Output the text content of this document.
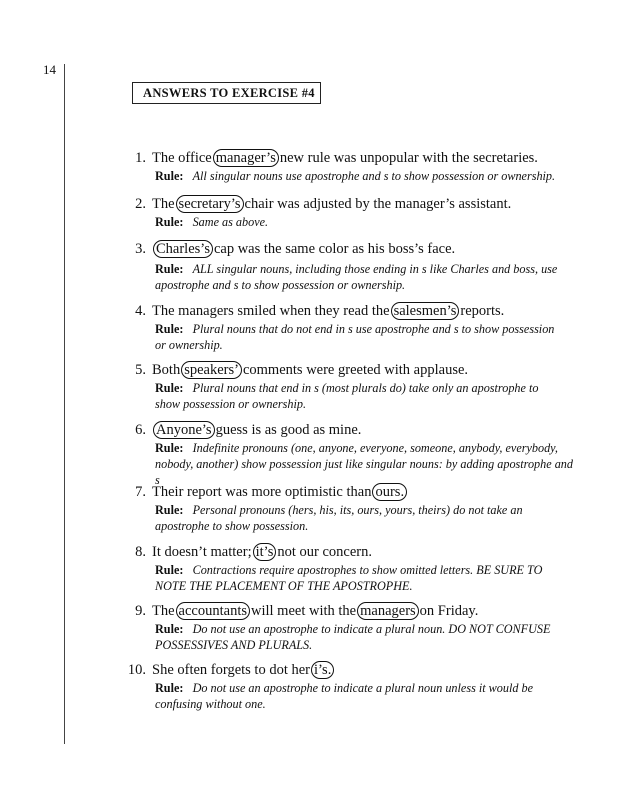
14
ANSWERS TO EXERCISE #4
1. The office manager’s new rule was unpopular with the secretaries.
Rule: All singular nouns use apostrophe and s to show possession or ownership.
2. The secretary’s chair was adjusted by the manager’s assistant.
Rule: Same as above.
3. Charles’s cap was the same color as his boss’s face.
Rule: ALL singular nouns, including those ending in s like Charles and boss, use apostrophe and s to show possession or ownership.
4. The managers smiled when they read the salesmen’s reports.
Rule: Plural nouns that do not end in s use apostrophe and s to show possession or ownership.
5. Both speakers’ comments were greeted with applause.
Rule: Plural nouns that end in s (most plurals do) take only an apostrophe to show possession or ownership.
6. Anyone’s guess is as good as mine.
Rule: Indefinite pronouns (one, anyone, everyone, someone, anybody, everybody, nobody, another) show possession just like singular nouns: by adding apostrophe and s
7. Their report was more optimistic than ours.
Rule: Personal pronouns (hers, his, its, ours, yours, theirs) do not take an apostrophe to show possession.
8. It doesn’t matter; it’s not our concern.
Rule: Contractions require apostrophes to show omitted letters. BE SURE TO NOTE THE PLACEMENT OF THE APOSTROPHE.
9. The accountants will meet with the managers on Friday.
Rule: Do not use an apostrophe to indicate a plural noun. DO NOT CONFUSE POSSESSIVES AND PLURALS.
10. She often forgets to dot her i’s.
Rule: Do not use an apostrophe to indicate a plural noun unless it would be confusing without one.
